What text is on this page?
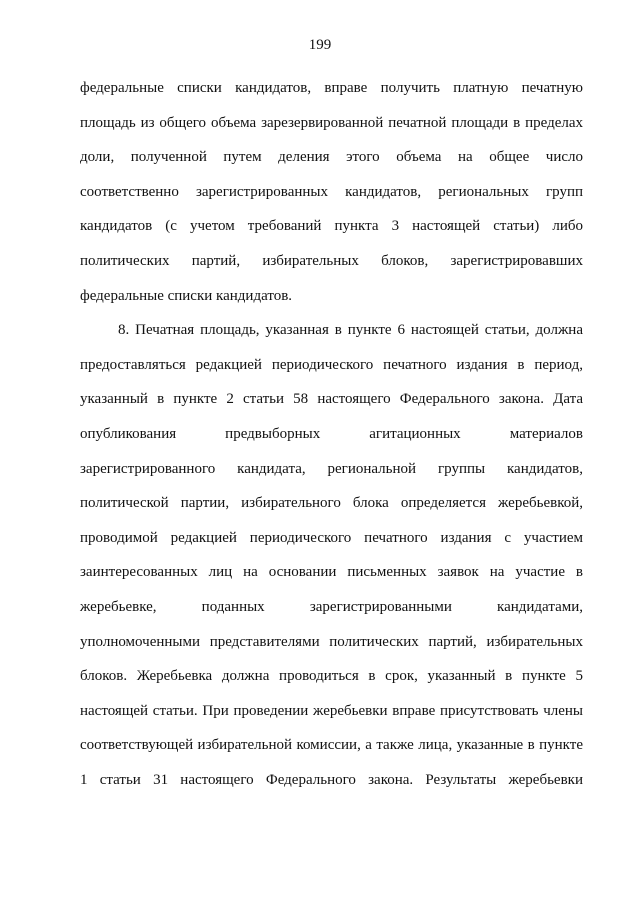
199
федеральные списки кандидатов, вправе получить платную печатную
площадь из общего объема зарезервированной печатной площади в пределах
доли, полученной путем деления этого объема на общее число
соответственно зарегистрированных кандидатов, региональных групп
кандидатов (с учетом требований пункта 3 настоящей статьи) либо
политических партий, избирательных блоков, зарегистрировавших
федеральные списки кандидатов.
8. Печатная площадь, указанная в пункте 6 настоящей статьи, должна
предоставляться редакцией периодического печатного издания в период,
указанный в пункте 2 статьи 58 настоящего Федерального закона. Дата
опубликования предвыборных агитационных материалов
зарегистрированного кандидата, региональной группы кандидатов,
политической партии, избирательного блока определяется жеребьевкой,
проводимой редакцией периодического печатного издания с участием
заинтересованных лиц на основании письменных заявок на участие в
жеребьевке, поданных зарегистрированными кандидатами,
уполномоченными представителями политических партий, избирательных
блоков. Жеребьевка должна проводиться в срок, указанный в пункте 5
настоящей статьи. При проведении жеребьевки вправе присутствовать члены
соответствующей избирательной комиссии, а также лица, указанные в пункте
1 статьи 31 настоящего Федерального закона. Результаты жеребьевки
